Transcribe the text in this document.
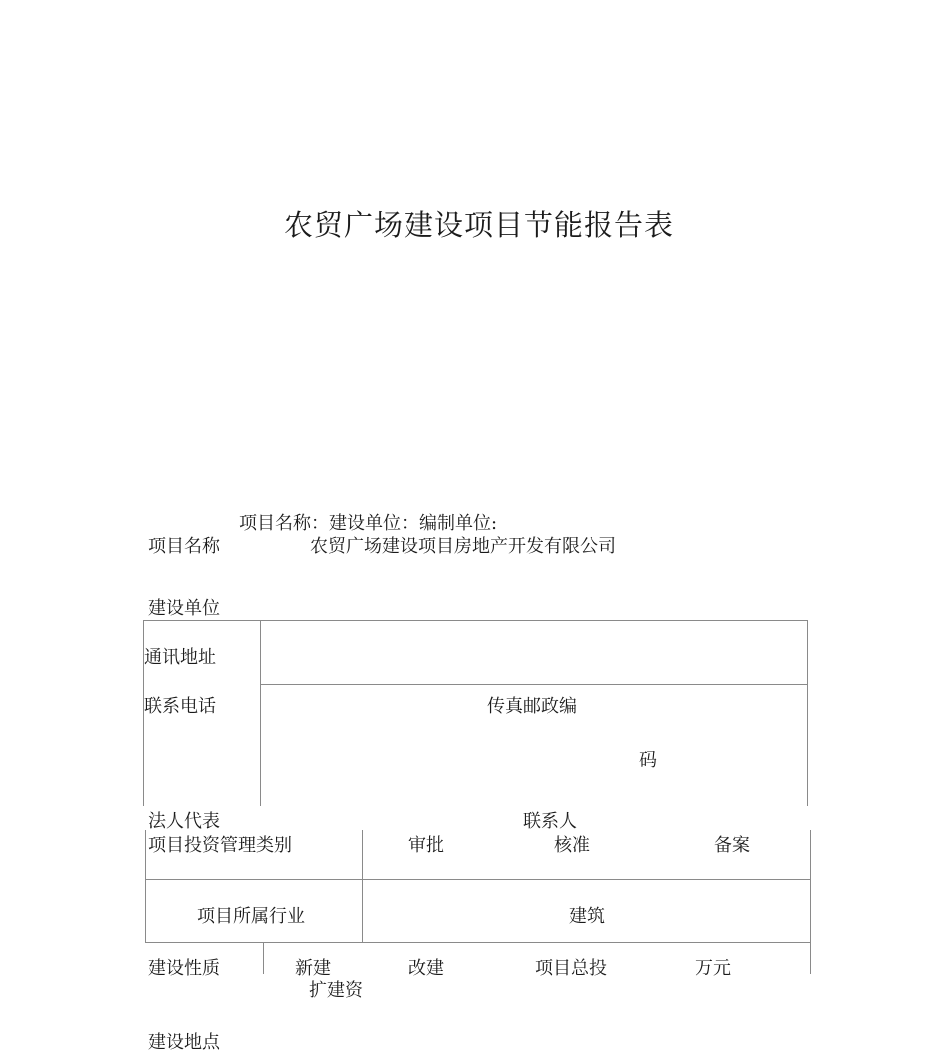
农贸广场建设项目节能报告表
项目名称：建设单位：编制单位:
项目名称	农贸广场建设项目房地产开发有限公司
建设单位
通讯地址
联系电话	传真邮政编
码
法人代表	联系人
项目投资管理类别	审批	核准	备案
项目所属行业	建筑
建设性质	新建	改建	项目总投	万元
扩建资
建设地点
